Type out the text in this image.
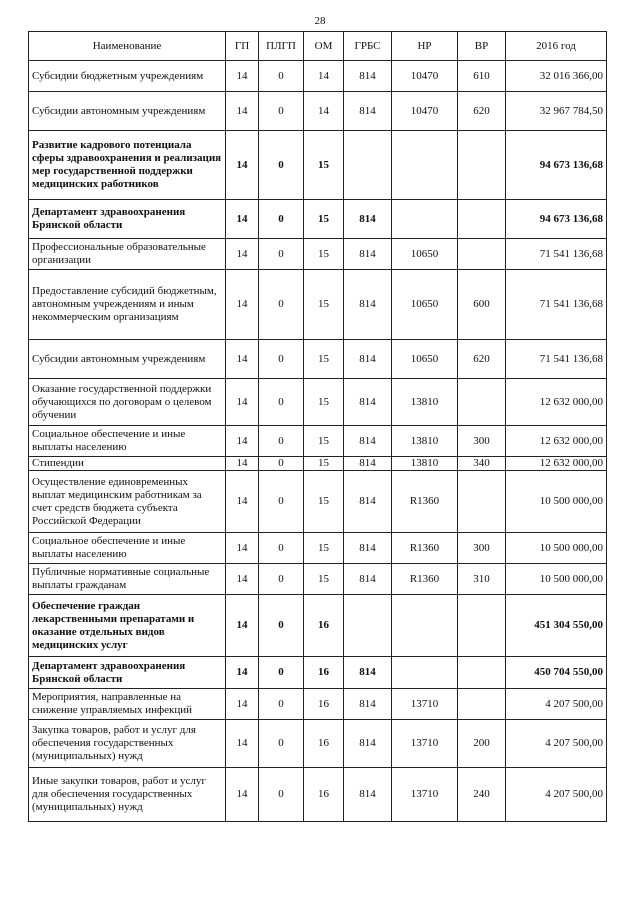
28
Наименование	ГП	ПЛГП	ОМ	ГРБС	НР	ВР	2016 год
Субсидии бюджетным учреждениям	14	0	14	814	10470	610	32 016 366,00
Субсидии автономным учреждениям	14	0	14	814	10470	620	32 967 784,50
Развитие кадрового потенциала сферы здравоохранения и реализация мер государственной поддержки медицинских работников	14	0	15				94 673 136,68
Департамент здравоохранения Брянской области	14	0	15	814			94 673 136,68
Профессиональные образовательные организации	14	0	15	814	10650		71 541 136,68
Предоставление субсидий бюджетным, автономным учреждениям и иным некоммерческим организациям	14	0	15	814	10650	600	71 541 136,68
Субсидии автономным учреждениям	14	0	15	814	10650	620	71 541 136,68
Оказание государственной поддержки обучающихся по договорам о целевом обучении	14	0	15	814	13810		12 632 000,00
Социальное обеспечение и иные выплаты населению	14	0	15	814	13810	300	12 632 000,00
Стипендии	14	0	15	814	13810	340	12 632 000,00
Осуществление единовременных выплат медицинским работникам за счет средств бюджета субъекта Российской Федерации	14	0	15	814	R1360		10 500 000,00
Социальное обеспечение и иные выплаты населению	14	0	15	814	R1360	300	10 500 000,00
Публичные нормативные социальные выплаты гражданам	14	0	15	814	R1360	310	10 500 000,00
Обеспечение граждан лекарственными препаратами и оказание отдельных видов медицинских услуг	14	0	16				451 304 550,00
Департамент здравоохранения Брянской области	14	0	16	814			450 704 550,00
Мероприятия, направленные на снижение управляемых инфекций	14	0	16	814	13710		4 207 500,00
Закупка товаров, работ и услуг для обеспечения государственных (муниципальных) нужд	14	0	16	814	13710	200	4 207 500,00
Иные закупки товаров, работ и услуг для обеспечения государственных (муниципальных) нужд	14	0	16	814	13710	240	4 207 500,00
